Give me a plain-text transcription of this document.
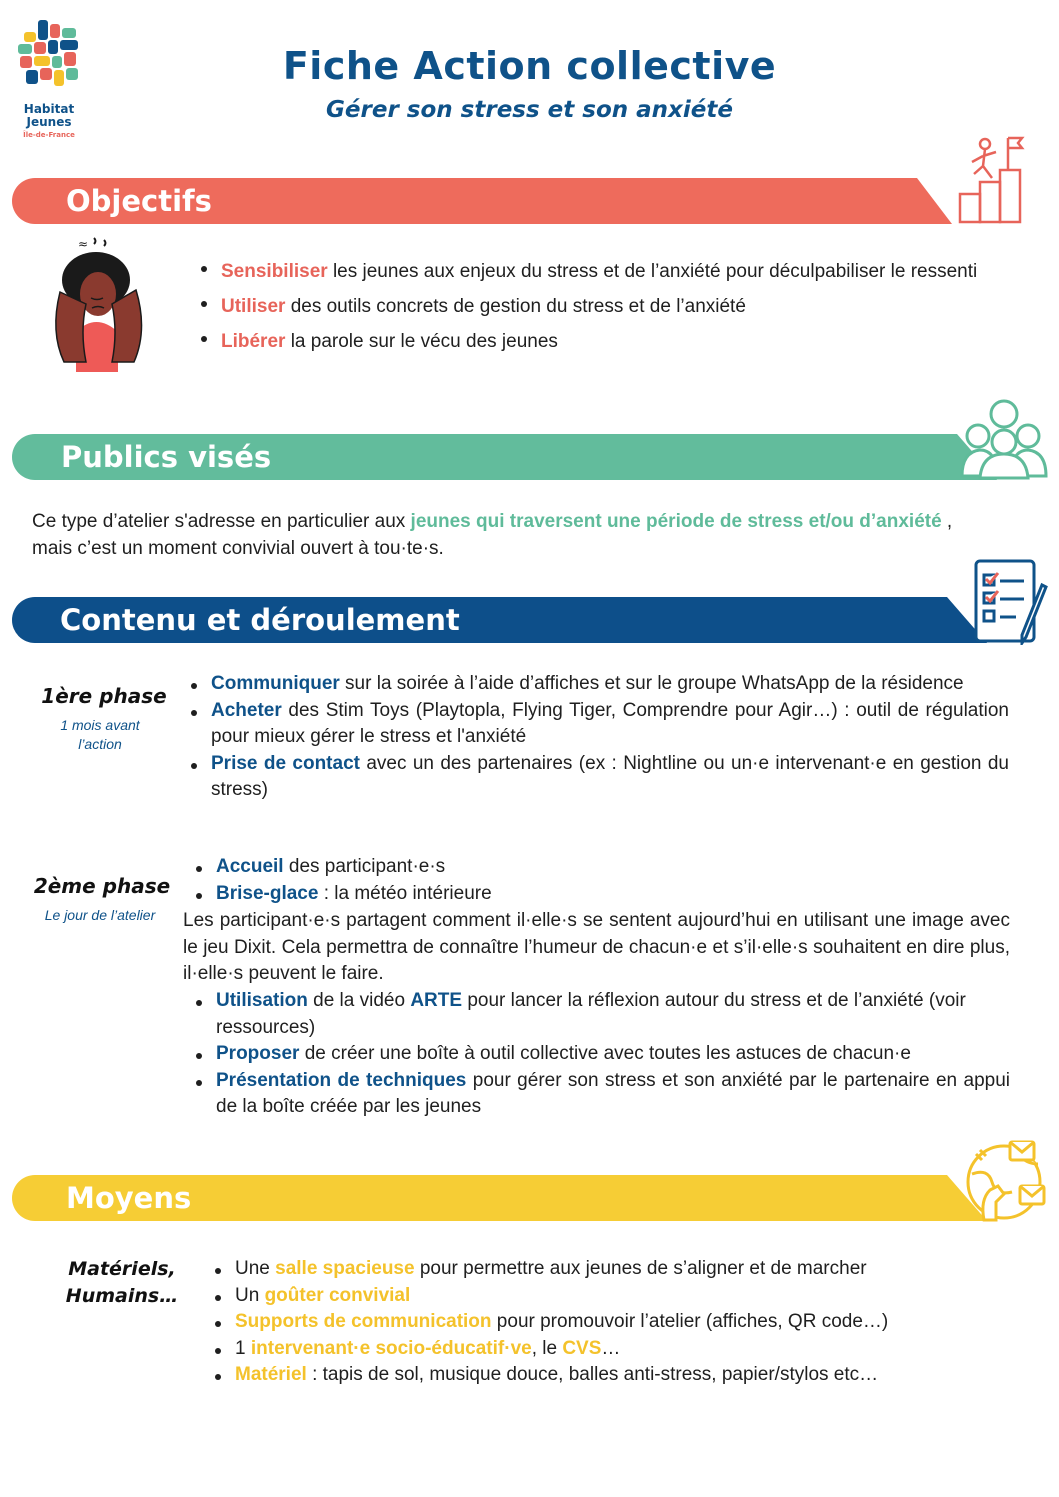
Habitat
Jeunes
Île-de-France
Fiche Action collective
Gérer son stress et son anxiété
Objectifs
≈
Sensibiliser les jeunes aux enjeux du stress et de l’anxiété pour déculpabiliser le ressenti
Utiliser des outils concrets de gestion du stress et de l’anxiété
Libérer la parole sur le vécu des jeunes
Publics visés
Ce type d’atelier s'adresse en particulier aux jeunes qui traversent une période de stress et/ou d’anxiété , mais c’est un moment convivial ouvert à tou·te·s.
Contenu et déroulement
1ère phase
1 mois avant l’action
Communiquer sur la soirée à l’aide d’affiches et sur le groupe WhatsApp de la résidence
Acheter des Stim Toys (Playtopla, Flying Tiger, Comprendre pour Agir…) : outil de régulation pour mieux gérer le stress et l'anxiété
Prise de contact avec un des partenaires (ex : Nightline ou un·e intervenant·e en gestion du stress)
2ème phase
Le jour de l’atelier
Accueil des participant·e·s
Brise-glace : la météo intérieure
Les participant·e·s partagent comment il·elle·s se sentent aujourd’hui en utilisant une image avec le jeu Dixit. Cela permettra de connaître l’humeur de chacun·e et s’il·elle·s souhaitent en dire plus, il·elle·s peuvent le faire.
Utilisation de la vidéo ARTE pour lancer la réflexion autour du stress et de l’anxiété (voir ressources)
Proposer de créer une boîte à outil collective avec toutes les astuces de chacun·e
Présentation de techniques pour gérer son stress et son anxiété par le partenaire en appui de la boîte créée par les jeunes
Moyens
Matériels, Humains…
Une salle spacieuse pour permettre aux jeunes de s’aligner et de marcher
Un goûter convivial
Supports de communication pour promouvoir l’atelier (affiches, QR code…)
1 intervenant·e socio-éducatif·ve, le CVS…
Matériel : tapis de sol, musique douce, balles anti-stress, papier/stylos etc…
